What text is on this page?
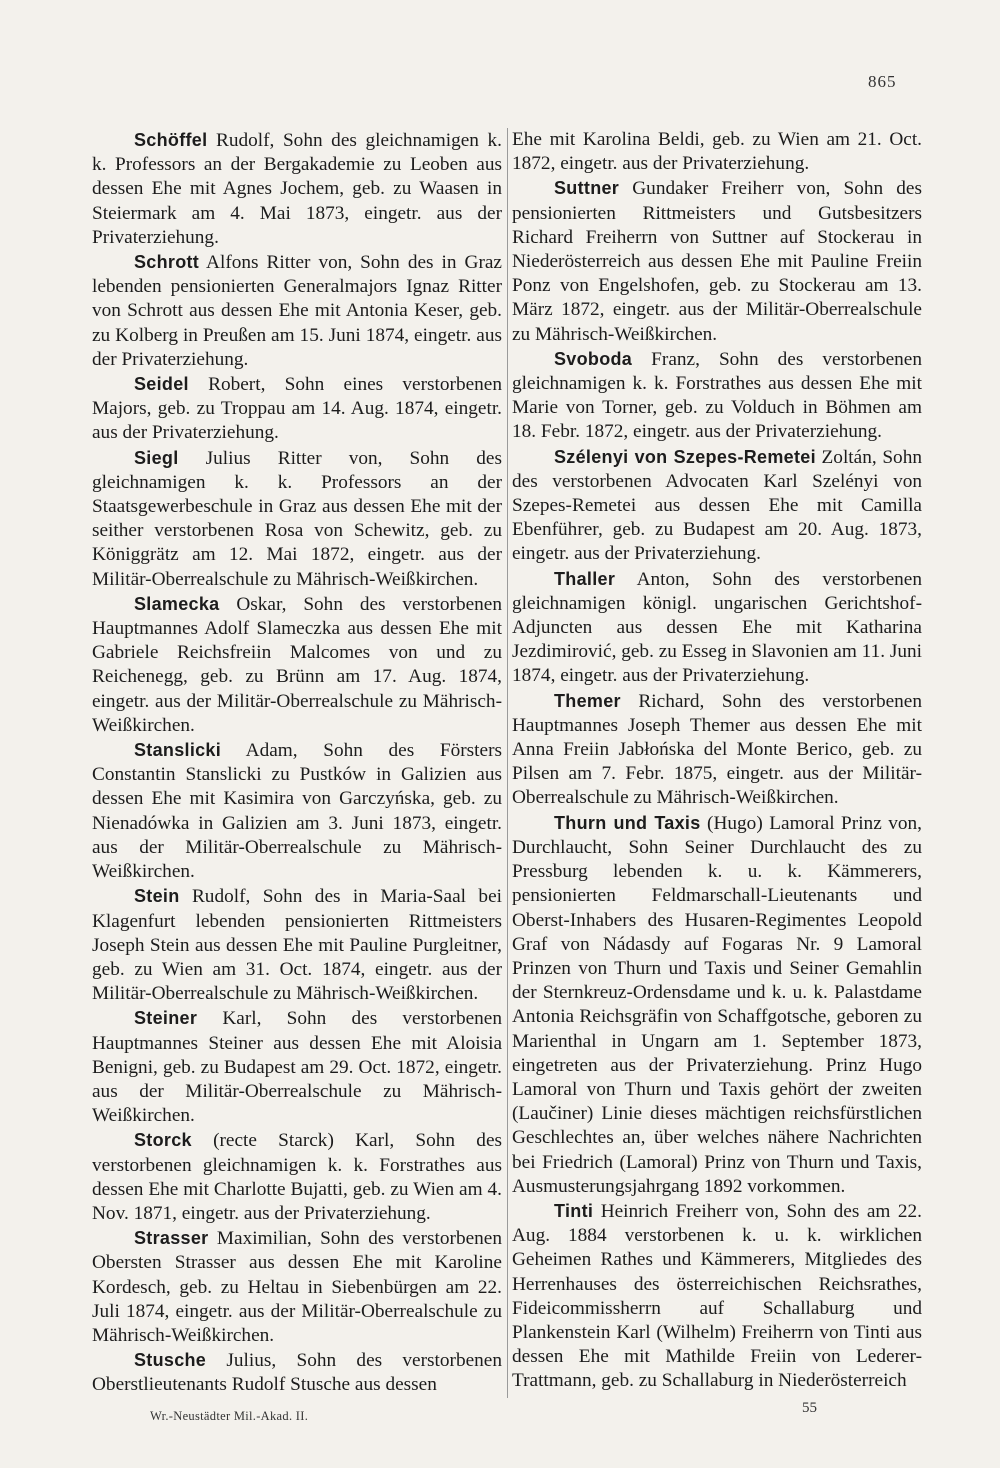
865

Schöffel Rudolf, Sohn des gleichnamigen k. k. Professors an der Bergakademie zu Leoben aus dessen Ehe mit Agnes Jochem, geb. zu Waasen in Steiermark am 4. Mai 1873, eingetr. aus der Privaterziehung.

Schrott Alfons Ritter von, Sohn des in Graz lebenden pensionierten Generalmajors Ignaz Ritter von Schrott aus dessen Ehe mit Antonia Keser, geb. zu Kolberg in Preußen am 15. Juni 1874, eingetr. aus der Privaterziehung.

Seidel Robert, Sohn eines verstorbenen Majors, geb. zu Troppau am 14. Aug. 1874, eingetr. aus der Privaterziehung.

Siegl Julius Ritter von, Sohn des gleichnamigen k. k. Professors an der Staatsgewerbeschule in Graz aus dessen Ehe mit der seither verstorbenen Rosa von Schewitz, geb. zu Königgrätz am 12. Mai 1872, eingetr. aus der Militär-Oberrealschule zu Mährisch-Weißkirchen.

Slamecka Oskar, Sohn des verstorbenen Hauptmannes Adolf Slameczka aus dessen Ehe mit Gabriele Reichsfreiin Malcomes von und zu Reichenegg, geb. zu Brünn am 17. Aug. 1874, eingetr. aus der Militär-Oberrealschule zu Mährisch-Weißkirchen.

Stanslicki Adam, Sohn des Försters Constantin Stanslicki zu Pustków in Galizien aus dessen Ehe mit Kasimira von Garczyńska, geb. zu Nienadówka in Galizien am 3. Juni 1873, eingetr. aus der Militär-Oberrealschule zu Mährisch-Weißkirchen.

Stein Rudolf, Sohn des in Maria-Saal bei Klagenfurt lebenden pensionierten Rittmeisters Joseph Stein aus dessen Ehe mit Pauline Purgleitner, geb. zu Wien am 31. Oct. 1874, eingetr. aus der Militär-Oberrealschule zu Mährisch-Weißkirchen.

Steiner Karl, Sohn des verstorbenen Hauptmannes Steiner aus dessen Ehe mit Aloisia Benigni, geb. zu Budapest am 29. Oct. 1872, eingetr. aus der Militär-Oberrealschule zu Mährisch-Weißkirchen.

Storck (recte Starck) Karl, Sohn des verstorbenen gleichnamigen k. k. Forstrathes aus dessen Ehe mit Charlotte Bujatti, geb. zu Wien am 4. Nov. 1871, eingetr. aus der Privaterziehung.

Strasser Maximilian, Sohn des verstorbenen Obersten Strasser aus dessen Ehe mit Karoline Kordesch, geb. zu Heltau in Siebenbürgen am 22. Juli 1874, eingetr. aus der Militär-Oberrealschule zu Mährisch-Weißkirchen.

Stusche Julius, Sohn des verstorbenen Oberstlieutenants Rudolf Stusche aus dessen

Ehe mit Karolina Beldi, geb. zu Wien am 21. Oct. 1872, eingetr. aus der Privaterziehung.

Suttner Gundaker Freiherr von, Sohn des pensionierten Rittmeisters und Gutsbesitzers Richard Freiherrn von Suttner auf Stockerau in Niederösterreich aus dessen Ehe mit Pauline Freiin Ponz von Engelshofen, geb. zu Stockerau am 13. März 1872, eingetr. aus der Militär-Oberrealschule zu Mährisch-Weißkirchen.

Svoboda Franz, Sohn des verstorbenen gleichnamigen k. k. Forstrathes aus dessen Ehe mit Marie von Torner, geb. zu Volduch in Böhmen am 18. Febr. 1872, eingetr. aus der Privaterziehung.

Szélenyi von Szepes-Remetei Zoltán, Sohn des verstorbenen Advocaten Karl Szelényi von Szepes-Remetei aus dessen Ehe mit Camilla Ebenführer, geb. zu Budapest am 20. Aug. 1873, eingetr. aus der Privaterziehung.

Thaller Anton, Sohn des verstorbenen gleichnamigen königl. ungarischen Gerichtshof-Adjuncten aus dessen Ehe mit Katharina Jezdimirović, geb. zu Esseg in Slavonien am 11. Juni 1874, eingetr. aus der Privaterziehung.

Themer Richard, Sohn des verstorbenen Hauptmannes Joseph Themer aus dessen Ehe mit Anna Freiin Jabłońska del Monte Berico, geb. zu Pilsen am 7. Febr. 1875, eingetr. aus der Militär-Oberrealschule zu Mährisch-Weißkirchen.

Thurn und Taxis (Hugo) Lamoral Prinz von, Durchlaucht, Sohn Seiner Durchlaucht des zu Pressburg lebenden k. u. k. Kämmerers, pensionierten Feldmarschall-Lieutenants und Oberst-Inhabers des Husaren-Regimentes Leopold Graf von Nádasdy auf Fogaras Nr. 9 Lamoral Prinzen von Thurn und Taxis und Seiner Gemahlin der Sternkreuz-Ordensdame und k. u. k. Palastdame Antonia Reichsgräfin von Schaffgotsche, geboren zu Marienthal in Ungarn am 1. September 1873, eingetreten aus der Privaterziehung. Prinz Hugo Lamoral von Thurn und Taxis gehört der zweiten (Laučiner) Linie dieses mächtigen reichsfürstlichen Geschlechtes an, über welches nähere Nachrichten bei Friedrich (Lamoral) Prinz von Thurn und Taxis, Ausmusterungsjahrgang 1892 vorkommen.

Tinti Heinrich Freiherr von, Sohn des am 22. Aug. 1884 verstorbenen k. u. k. wirklichen Geheimen Rathes und Kämmerers, Mitgliedes des Herrenhauses des österreichischen Reichsrathes, Fideicommissherrn auf Schallaburg und Plankenstein Karl (Wilhelm) Freiherrn von Tinti aus dessen Ehe mit Mathilde Freiin von Lederer-Trattmann, geb. zu Schallaburg in Niederösterreich

Wr.-Neustädter Mil.-Akad. II.	55
